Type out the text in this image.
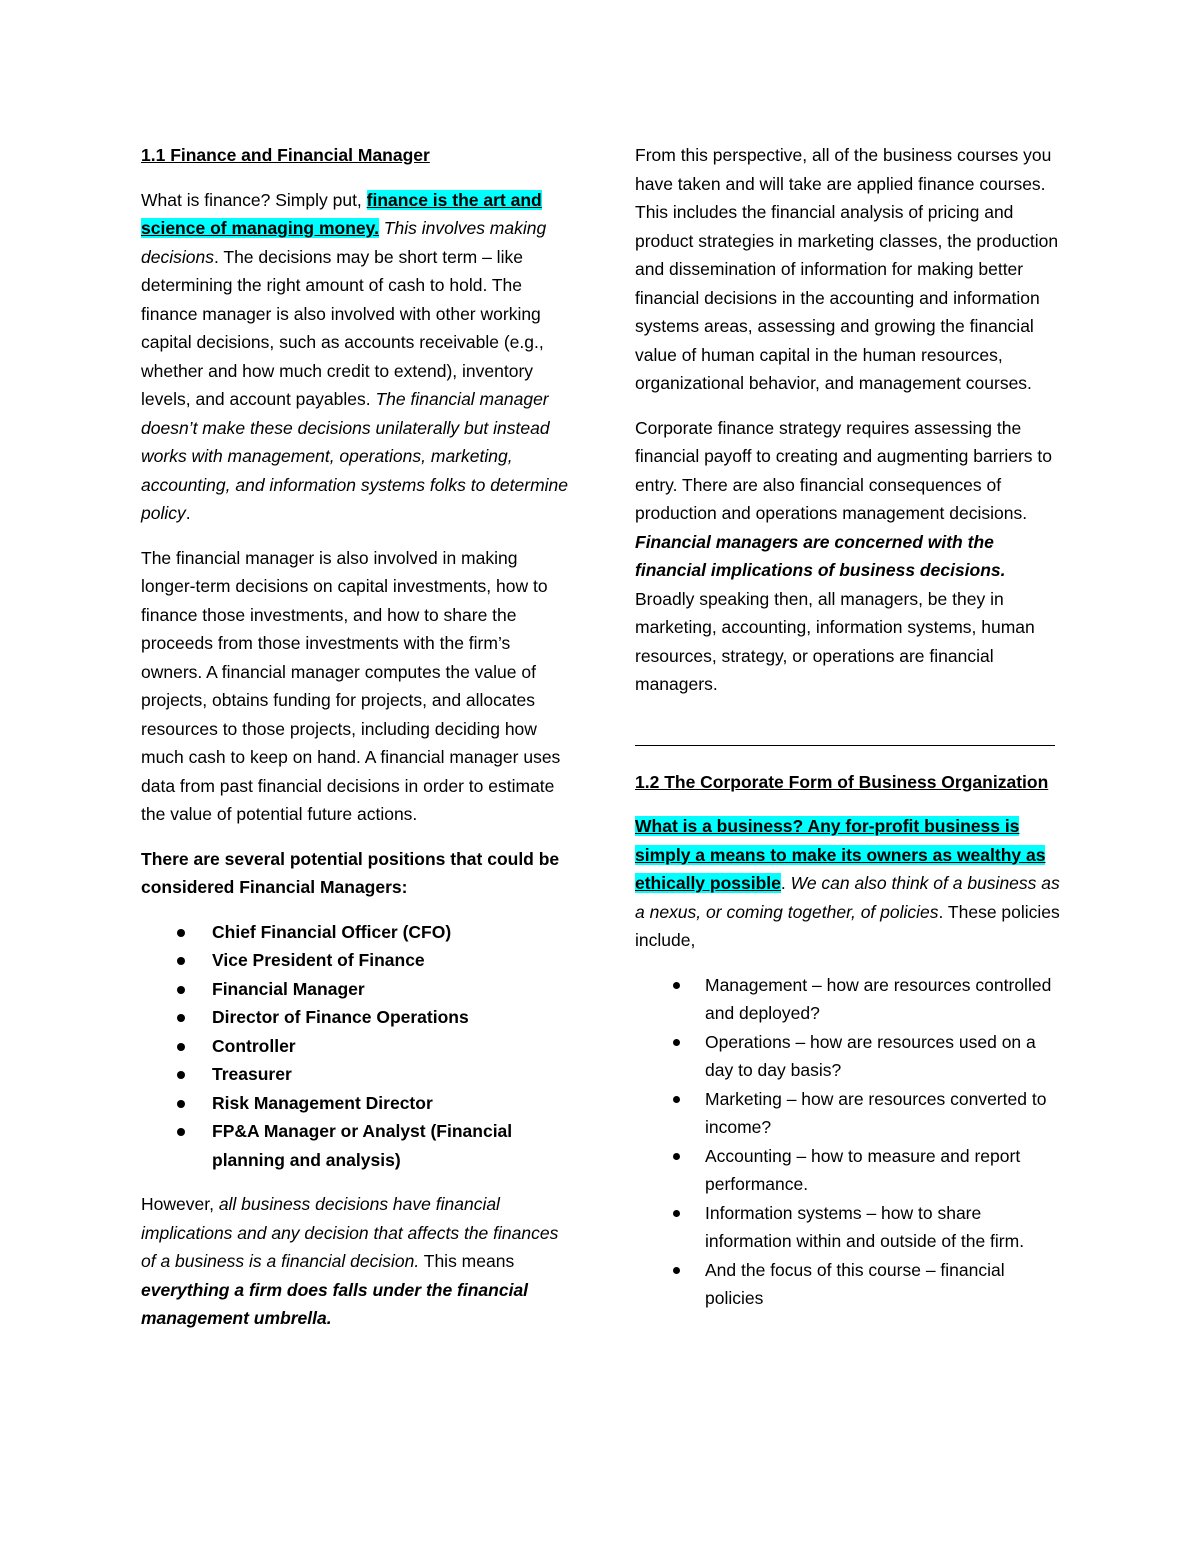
1.1 Finance and Financial Manager

What is finance? Simply put, finance is the art and science of managing money. This involves making decisions. The decisions may be short term – like determining the right amount of cash to hold. The finance manager is also involved with other working capital decisions, such as accounts receivable (e.g., whether and how much credit to extend), inventory levels, and account payables. The financial manager doesn’t make these decisions unilaterally but instead works with management, operations, marketing, accounting, and information systems folks to determine policy.

The financial manager is also involved in making longer-term decisions on capital investments, how to finance those investments, and how to share the proceeds from those investments with the firm’s owners. A financial manager computes the value of projects, obtains funding for projects, and allocates resources to those projects, including deciding how much cash to keep on hand. A financial manager uses data from past financial decisions in order to estimate the value of potential future actions.

There are several potential positions that could be considered Financial Managers:

Chief Financial Officer (CFO)
Vice President of Finance
Financial Manager
Director of Finance Operations
Controller
Treasurer
Risk Management Director
FP&A Manager or Analyst (Financial planning and analysis)

However, all business decisions have financial implications and any decision that affects the finances of a business is a financial decision. This means everything a firm does falls under the financial management umbrella.

From this perspective, all of the business courses you have taken and will take are applied finance courses. This includes the financial analysis of pricing and product strategies in marketing classes, the production and dissemination of information for making better financial decisions in the accounting and information systems areas, assessing and growing the financial value of human capital in the human resources, organizational behavior, and management courses.

Corporate finance strategy requires assessing the financial payoff to creating and augmenting barriers to entry. There are also financial consequences of production and operations management decisions. Financial managers are concerned with the financial implications of business decisions. Broadly speaking then, all managers, be they in marketing, accounting, information systems, human resources, strategy, or operations are financial managers.

1.2 The Corporate Form of Business Organization

What is a business? Any for-profit business is simply a means to make its owners as wealthy as ethically possible. We can also think of a business as a nexus, or coming together, of policies. These policies include,

Management – how are resources controlled and deployed?
Operations – how are resources used on a day to day basis?
Marketing – how are resources converted to income?
Accounting – how to measure and report performance.
Information systems – how to share information within and outside of the firm.
And the focus of this course – financial policies
